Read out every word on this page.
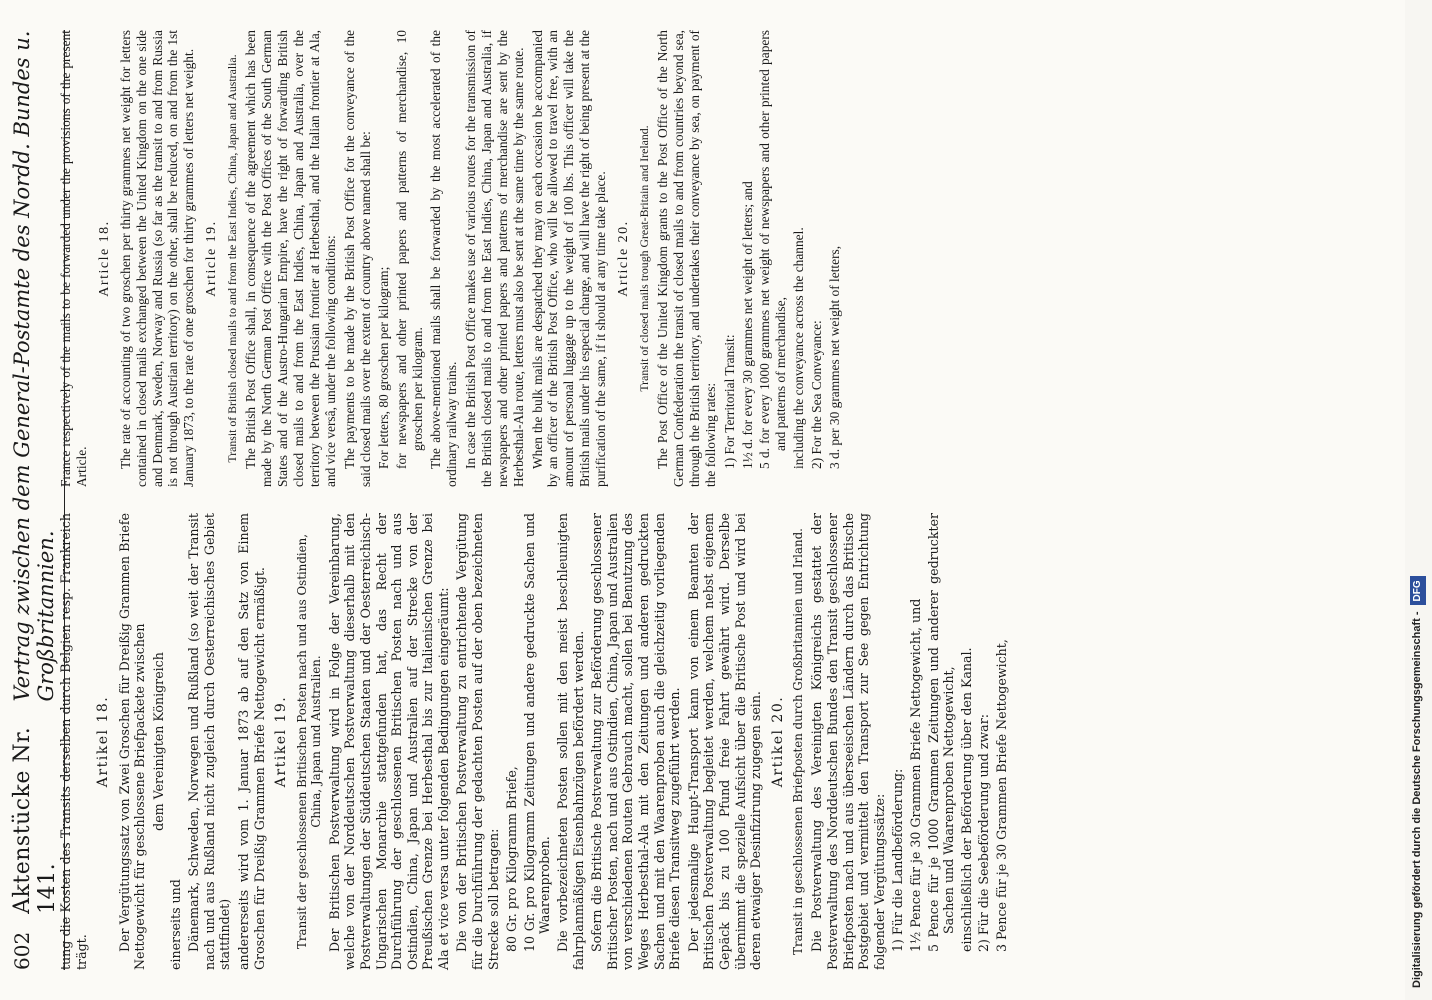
602
Aktenstücke Nr. 141.
Vertrag zwischen dem General-Postamte des Nordd. Bundes u. Großbritannien. tung die Kosten des Transits derselben durch Belgien resp. Frankreich trägt.

Artikel 18. Der Vergütungssatz von Zwei Groschen für Dreißig Grammen Briefe Nettogewicht für geschlossene Briefpackete zwischen dem Vereinigten Königreich

einerseits und Dänemark, Schweden, Norwegen und Rußland (so weit der Transit nach und aus Rußland nicht zugleich durch Oesterreichisches Gebiet stattfindet) andererseits wird vom 1. Januar 1873 ab auf den Satz von Einem Groschen für Dreißig Grammen Briefe Nettogewicht ermäßigt. Artikel 19. Transit der geschlossenen Britischen Posten nach und aus Ostindien, China, Japan und Australien. Der Britischen Postverwaltung wird in Folge der Vereinbarung, welche von der Norddeutschen Postverwaltung dieserhalb mit den Postverwaltungen der Süddeutschen Staaten und der Oesterreichisch-Ungarischen Monarchie stattgefunden hat, das Recht der Durchführung der geschlossenen Britischen Posten nach und aus Ostindien, China, Japan und Australien auf der Strecke von der Preußischen Grenze bei Herbesthal bis zur Italienischen Grenze bei Ala et vice versa unter folgenden Bedingungen eingeräumt: Die von der Britischen Postverwaltung zu entrichtende Vergütung für die Durchführung der gedachten Posten auf der oben bezeichneten Strecke soll betragen: 80 Gr. pro Kilogramm Briefe, 10 Gr. pro Kilogramm Zeitungen und andere gedruckte Sachen und Waarenproben. Die vorbezeichneten Posten sollen mit den meist beschleunigten fahrplanmäßigen Eisenbahnzügen befördert werden. Sofern die Britische Postverwaltung zur Beförderung geschlossener Britischer Posten, nach und aus Ostindien, China, Japan und Australien von verschiedenen Routen Gebrauch macht, sollen bei Benutzung des Weges Herbesthal-Ala mit den Zeitungen und anderen gedruckten Sachen und mit den Waarenproben auch die gleichzeitig vorliegenden Briefe diesen Transitweg zugeführt werden. Der jedesmalige Haupt-Transport kann von einem Beamten der Britischen Postverwaltung begleitet werden, welchem nebst eigenem Gepäck bis zu 100 Pfund freie Fahrt gewährt wird. Derselbe übernimmt die spezielle Aufsicht über die Britische Post und wird bei deren etwaiger Desinfizirung zugegen sein. Artikel 20. Transit in geschlossenen Briefposten durch Großbritannien und Irland. Die Postverwaltung des Vereinigten Königreichs gestattet der Postverwaltung des Norddeutschen Bundes den Transit geschlossener Briefposten nach und aus überseeischen Ländern durch das Britische Postgebiet und vermittelt den Transport zur See gegen Entrichtung folgender Vergütungssätze: 1) Für die Landbeförderung: 1½ Pence für je 30 Grammen Briefe Nettogewicht, und 5 Pence für je 1000 Grammen Zeitungen und anderer gedruckter Sachen und Waarenproben Nettogewicht, einschließlich der Beförderung über den Kanal. 2) Für die Seebeförderung und zwar: 3 Pence für je 30 Grammen Briefe Nettogewicht,

France respectively of the mails to be forwarded under the provisions of the present Article.

Article 18. The rate of accounting of two groschen per thirty grammes net weight for letters contained in closed mails exchanged between the United Kingdom on the one side and Denmark, Sweden, Norway and Russia (so far as the transit to and from Russia is not through Austrian territory) on the other, shall be reduced, on and from the 1st January 1873, to the rate of one groschen for thirty grammes of letters net weight. Article 19. Transit of British closed mails to and from the East Indies, China, Japan and Australia. The British Post Office shall, in consequence of the agreement which has been made by the North German Post Office with the Post Offices of the South German States and of the Austro-Hungarian Empire, have the right of forwarding British closed mails to and from the East Indies, China, Japan and Australia, over the territory between the Prussian frontier at Herbesthal, and the Italian frontier at Ala, and vice versâ, under the following conditions: The payments to be made by the British Post Office for the conveyance of the said closed mails over the extent of country above named shall be: For letters, 80 groschen per kilogram; for newspapers and other printed papers and patterns of merchandise, 10 groschen per kilogram. The above-mentioned mails shall be forwarded by the most accelerated of the ordinary railway trains. In case the British Post Office makes use of various routes for the transmission of the British closed mails to and from the East Indies, China, Japan and Australia, if newspapers and other printed papers and patterns of merchandise are sent by the Herbesthal-Ala route, letters must also be sent at the same time by the same route. When the bulk mails are despatched they may on each occasion be accompanied by an officer of the British Post Office, who will be allowed to travel free, with an amount of personal luggage up to the weight of 100 lbs. This officer will take the British mails under his especial charge, and will have the right of being present at the purification of the same, if it should at any time take place. Article 20. Transit of closed mails trough Great-Britain and Ireland. The Post Office of the United Kingdom grants to the Post Office of the North German Confederation the transit of closed mails to and from countries beyond sea, through the British territory, and undertakes their conveyance by sea, on payment of the following rates: 1) For Territorial Transit: 1½ d. for every 30 grammes net weight of letters; and 5 d. for every 1000 grammes net weight of newspapers and other printed papers and patterns of merchandise, including the conveyance across the channel. 2) For the Sea Conveyance: 3 d. per 30 grammes net weight of letters,

Digitalisierung gefördert durch die Deutsche Forschungsgemeinschaft -DFG
